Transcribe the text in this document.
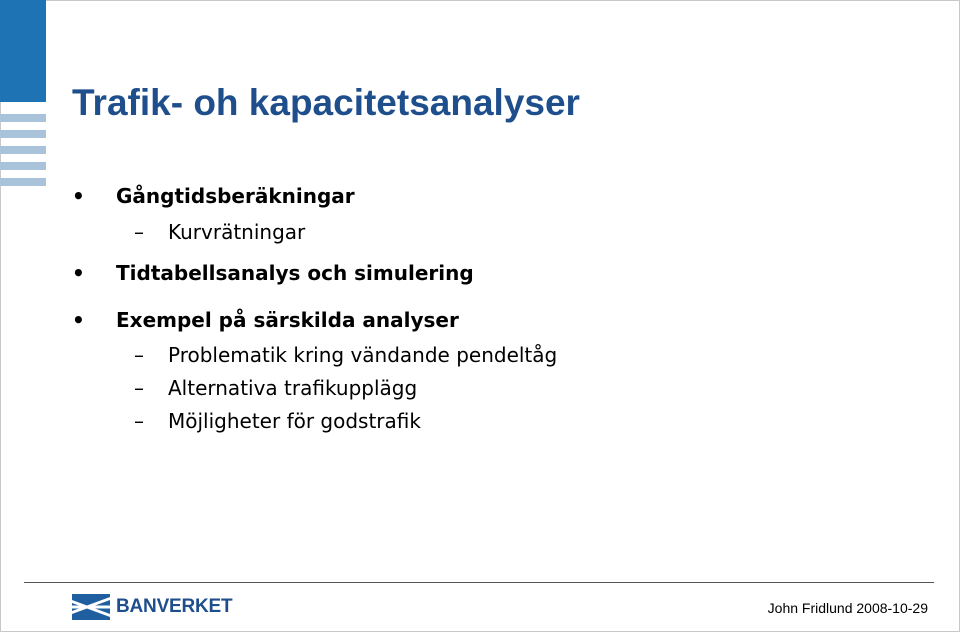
Trafik- oh kapacitetsanalyser
• Gångtidsberäkningar
– Kurvrätningar
• Tidtabellsanalys och simulering
• Exempel på särskilda analyser
– Problematik kring vändande pendeltåg
– Alternativa trafikupplägg
– Möjligheter för godstrafik
BANVERKET	John Fridlund 2008-10-29
